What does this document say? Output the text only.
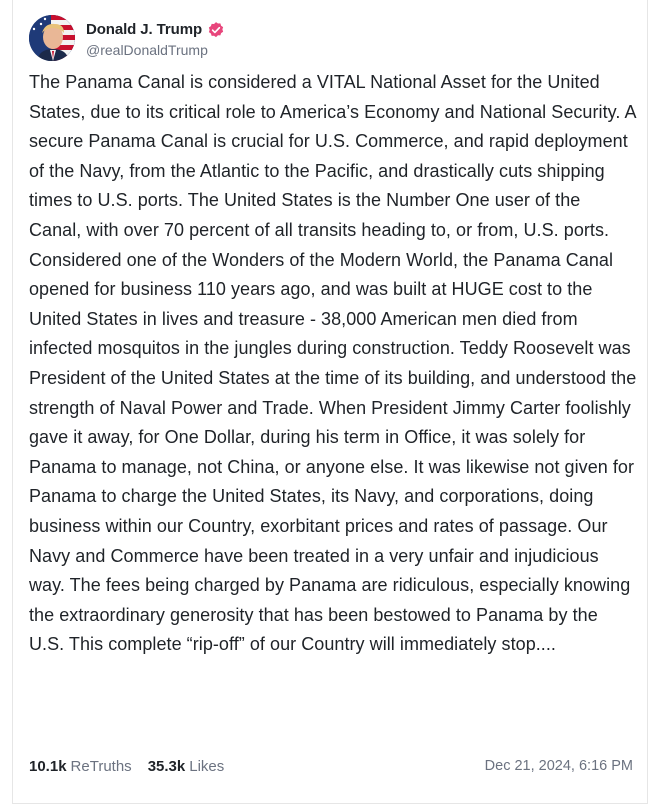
Donald J. Trump
@realDonaldTrump
The Panama Canal is considered a VITAL National Asset for the United States, due to its critical role to America’s Economy and National Security. A secure Panama Canal is crucial for U.S. Commerce, and rapid deployment of the Navy, from the Atlantic to the Pacific, and drastically cuts shipping times to U.S. ports. The United States is the Number One user of the Canal, with over 70 percent of all transits heading to, or from, U.S. ports. Considered one of the Wonders of the Modern World, the Panama Canal opened for business 110 years ago, and was built at HUGE cost to the United States in lives and treasure - 38,000 American men died from infected mosquitos in the jungles during construction. Teddy Roosevelt was President of the United States at the time of its building, and understood the strength of Naval Power and Trade. When President Jimmy Carter foolishly gave it away, for One Dollar, during his term in Office, it was solely for Panama to manage, not China, or anyone else. It was likewise not given for Panama to charge the United States, its Navy, and corporations, doing business within our Country, exorbitant prices and rates of passage. Our Navy and Commerce have been treated in a very unfair and injudicious way. The fees being charged by Panama are ridiculous, especially knowing the extraordinary generosity that has been bestowed to Panama by the U.S. This complete “rip-off” of our Country will immediately stop....
10.1k ReTruths 35.3k Likes	Dec 21, 2024, 6:16 PM
